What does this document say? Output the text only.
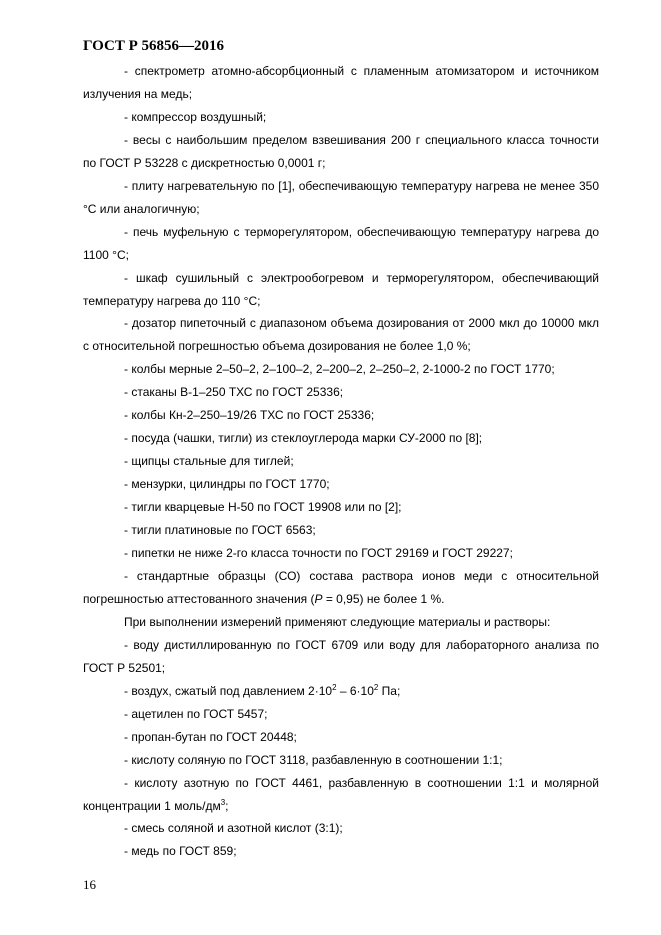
ГОСТ Р 56856—2016

- спектрометр атомно-абсорбционный с пламенным атомизатором и источником излучения на медь;

- компрессор воздушный;

- весы с наибольшим пределом взвешивания 200 г специального класса точности по ГОСТ Р 53228 с дискретностью 0,0001 г;

- плиту нагревательную по [1], обеспечивающую температуру нагрева не менее 350 °С или аналогичную;

- печь муфельную с терморегулятором, обеспечивающую температуру нагрева до 1100 °С;

- шкаф сушильный с электрообогревом и терморегулятором, обеспечивающий температуру нагрева до 110 °С;

- дозатор пипеточный с диапазоном объема дозирования от 2000 мкл до 10000 мкл с относительной погрешностью объема дозирования не более 1,0 %;

- колбы мерные 2–50–2, 2–100–2, 2–200–2, 2–250–2, 2-1000-2 по ГОСТ 1770;

- стаканы В-1–250 ТХС по ГОСТ 25336;

- колбы Кн-2–250–19/26 ТХС по ГОСТ 25336;

- посуда (чашки, тигли) из стеклоуглерода марки СУ-2000 по [8];

- щипцы стальные для тиглей;

- мензурки, цилиндры по ГОСТ 1770;

- тигли кварцевые Н-50 по ГОСТ 19908 или по [2];

- тигли платиновые по ГОСТ 6563;

- пипетки не ниже 2-го класса точности по ГОСТ 29169 и ГОСТ 29227;

- стандартные образцы (СО) состава раствора ионов меди с относительной погрешностью аттестованного значения (P = 0,95) не более 1 %.

При выполнении измерений применяют следующие материалы и растворы:

- воду дистиллированную по ГОСТ 6709 или воду для лабораторного анализа по ГОСТ Р 52501;

- воздух, сжатый под давлением $2\cdot 10^2 - 6\cdot 10^2$ Па;

- ацетилен по ГОСТ 5457;

- пропан-бутан по ГОСТ 20448;

- кислоту соляную по ГОСТ 3118, разбавленную в соотношении 1:1;

- кислоту азотную по ГОСТ 4461, разбавленную в соотношении 1:1 и молярной концентрации 1 моль/$дм^3$;

- смесь соляной и азотной кислот (3:1);

- медь по ГОСТ 859;

16
